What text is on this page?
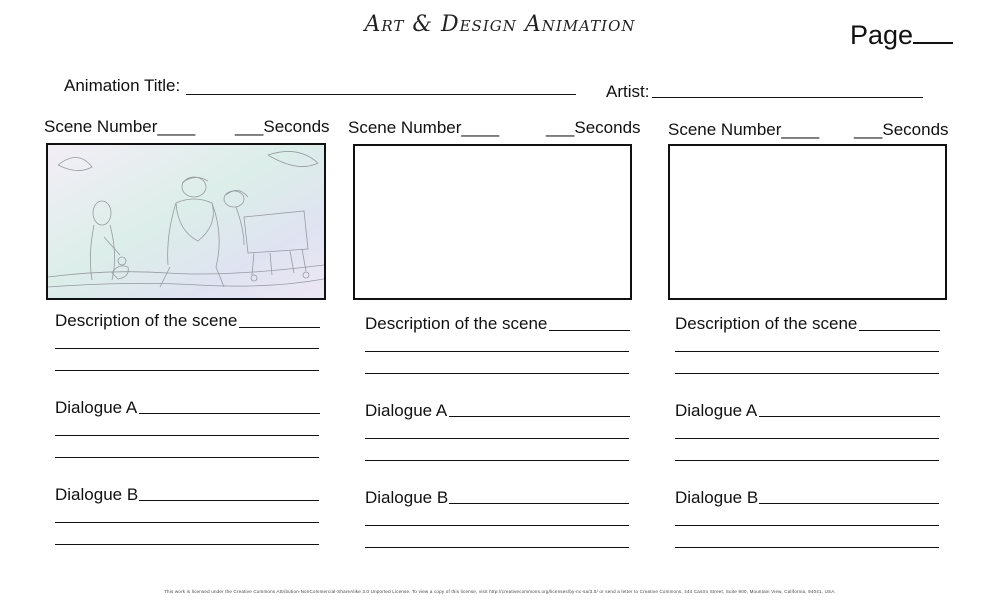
Art & Design Animation	Page
Animation Title:	Artist:
Scene Number____ ___Seconds
Description of the scene
Dialogue A
Dialogue B
Scene Number____	___Seconds
Description of the scene
Dialogue A
Dialogue B
Scene Number____ ___Seconds
Description of the scene
Dialogue A
Dialogue B
This work is licensed under the Creative Commons Attribution-NonCommercial-ShareAlike 3.0 Unported License. To view a copy of this license, visit http://creativecommons.org/licenses/by-nc-sa/3.0/ or send a letter to Creative Commons, 444 Castro Street, Suite 900, Mountain View, California, 94041, USA.
